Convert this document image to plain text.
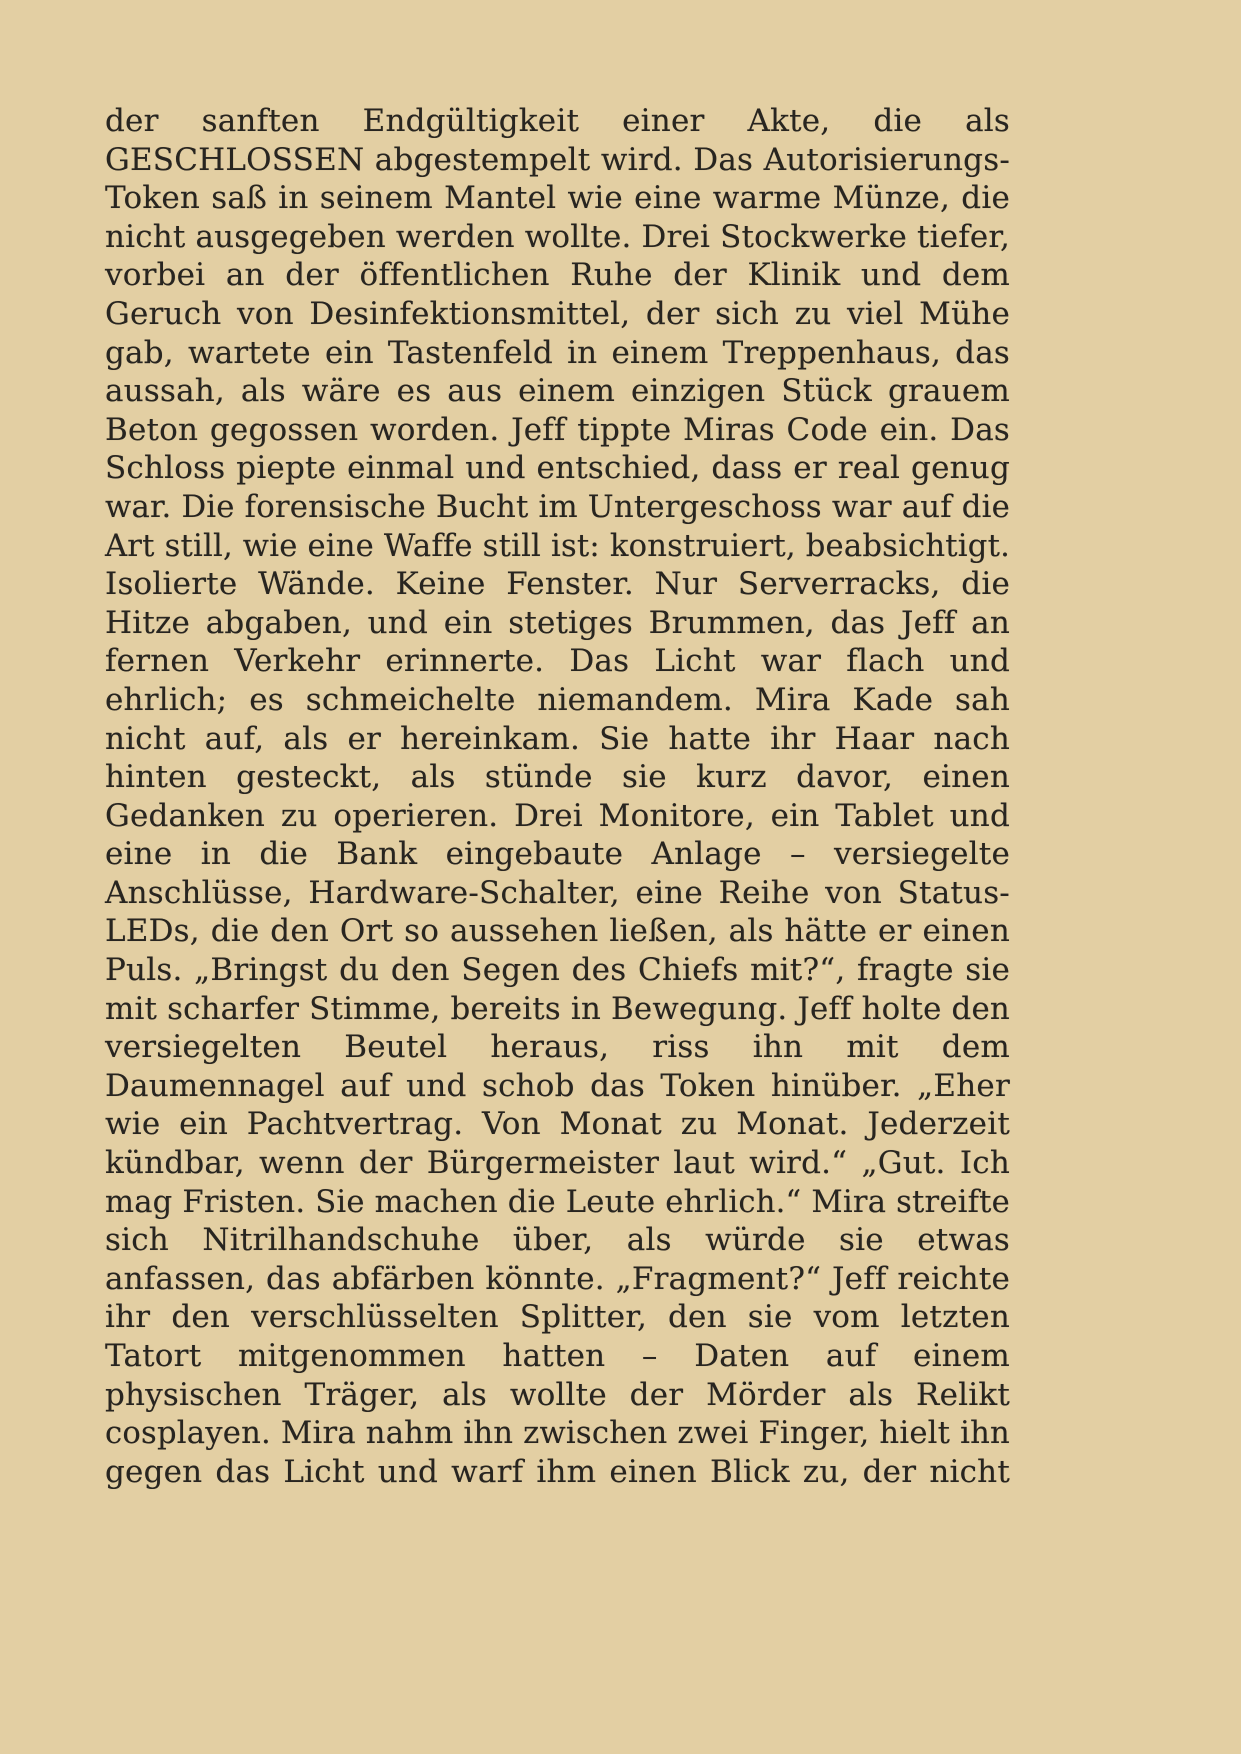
der sanften Endgültigkeit einer Akte, die als
GESCHLOSSEN abgestempelt wird. Das Autorisierungs-
Token saß in seinem Mantel wie eine warme Münze, die
nicht ausgegeben werden wollte. Drei Stockwerke tiefer,
vorbei an der öffentlichen Ruhe der Klinik und dem
Geruch von Desinfektionsmittel, der sich zu viel Mühe
gab, wartete ein Tastenfeld in einem Treppenhaus, das
aussah, als wäre es aus einem einzigen Stück grauem
Beton gegossen worden. Jeff tippte Miras Code ein. Das
Schloss piepte einmal und entschied, dass er real genug
war. Die forensische Bucht im Untergeschoss war auf die
Art still, wie eine Waffe still ist: konstruiert, beabsichtigt.
Isolierte Wände. Keine Fenster. Nur Serverracks, die
Hitze abgaben, und ein stetiges Brummen, das Jeff an
fernen Verkehr erinnerte. Das Licht war flach und
ehrlich; es schmeichelte niemandem. Mira Kade sah
nicht auf, als er hereinkam. Sie hatte ihr Haar nach
hinten gesteckt, als stünde sie kurz davor, einen
Gedanken zu operieren. Drei Monitore, ein Tablet und
eine in die Bank eingebaute Anlage – versiegelte
Anschlüsse, Hardware-Schalter, eine Reihe von Status-
LEDs, die den Ort so aussehen ließen, als hätte er einen
Puls. „Bringst du den Segen des Chiefs mit?“, fragte sie
mit scharfer Stimme, bereits in Bewegung. Jeff holte den
versiegelten Beutel heraus, riss ihn mit dem
Daumennagel auf und schob das Token hinüber. „Eher
wie ein Pachtvertrag. Von Monat zu Monat. Jederzeit
kündbar, wenn der Bürgermeister laut wird.“ „Gut. Ich
mag Fristen. Sie machen die Leute ehrlich.“ Mira streifte
sich Nitrilhandschuhe über, als würde sie etwas
anfassen, das abfärben könnte. „Fragment?“ Jeff reichte
ihr den verschlüsselten Splitter, den sie vom letzten
Tatort mitgenommen hatten – Daten auf einem
physischen Träger, als wollte der Mörder als Relikt
cosplayen. Mira nahm ihn zwischen zwei Finger, hielt ihn
gegen das Licht und warf ihm einen Blick zu, der nicht
